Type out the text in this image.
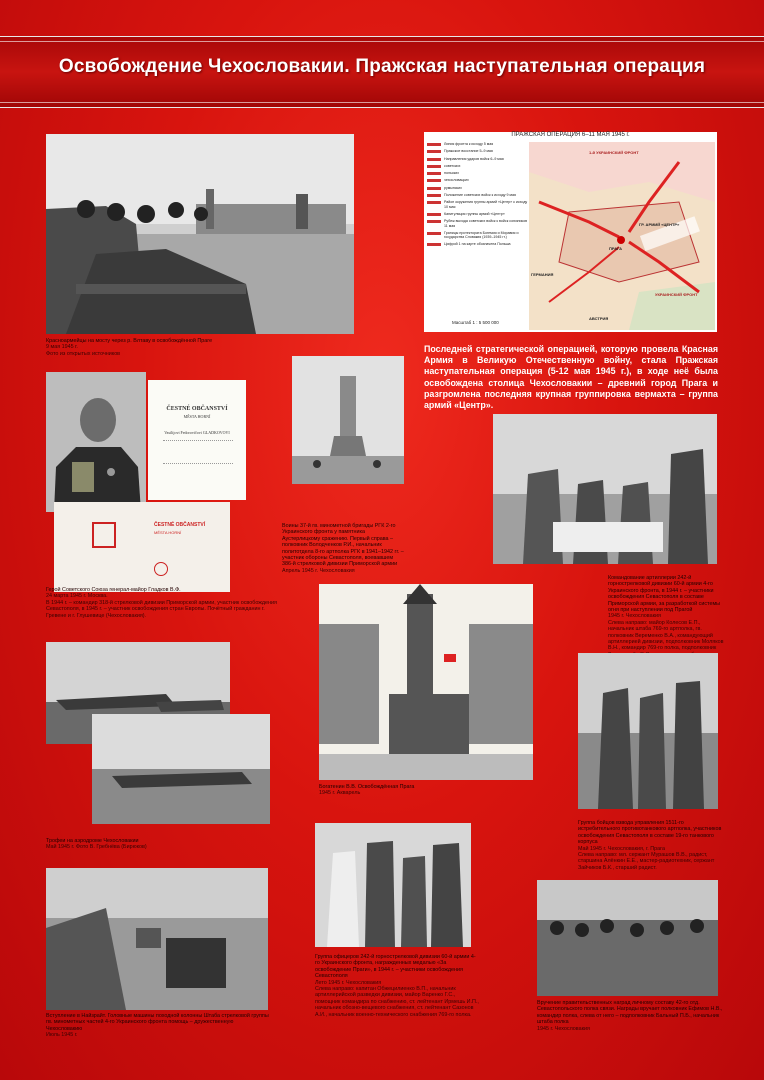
Освобождение Чехословакии. Пражская наступательная операция
Красноармейцы на мосту через р. Влтаву в освобождённой Праге
9 мая 1945 г.
Фото из открытых источников
ПРАЖСКАЯ ОПЕРАЦИЯ 6–11 МАЯ 1945 г.
Линия фронта к исходу 5 мая
Пражское восстание 5–9 мая
Направления ударов войск 6–9 мая
советских
польских
чехословацких
румынских
Положение советских войск к исходу 9 мая
Район окружения группы армий «Центр» к исходу 10 мая
Капитуляция группы армий «Центр»
Рубеж выхода советских войск к войск союзников 11 мая
Границы протектората Богемия и Моравия и государства Словакия (1939–1945 гг.)
Цифрой 1 на карте обозначена Польша
Масштаб 1 : 5 500 000
1-й УКРАИНСКИЙ ФРОНТ
ПРАГА
ГР. АРМИЙ «ЦЕНТР»
УКРАИНСКИЙ ФРОНТ
ГЕРМАНИЯ
АВСТРИЯ
Последней стратегической операцией, которую провела Красная Армия в Великую Отечественную войну, стала Пражская наступательная операция (5-12 мая 1945 г.), в ходе неё была освобождена столица Чехословакии – древний город Прага и разгромлена последняя крупная группировка вермахта – группа армий «Центр».
ČESTNÉ OBČANSTVÍ
MĚSTA HORNÍ
Vasilijovi Fedorovičovi GLADKOVOVI
ČESTNÉ OBČANSTVÍ
MĚSTA HORNÍ
Герой Советского Союза генерал-майор Гладков В.Ф.
24 марта 1945 г. Москва.
В 1944 г. – командир 318-й стрелковой дивизии Приморской армии, участник освобождения Севастополя, в 1945 г. – участник освобождения стран Европы. Почётный гражданин г. Гревене и г. Глушевице (Чехословакия).
Воины 37-й гв. минометной бригады РГК 2-го Украинского фронта у памятника Аустерлицкому сражению. Первый справа – полковник Володченков Р.И., начальник политотдела 8-го артполка РГК в 1941–1942 гг. – участник обороны Севастополя, воевавшем 386-й стрелковой дивизии Приморской армии
Апрель 1945 г. Чехословакия
Командование артиллерии 242-й горнострелковой дивизии 60-й армии 4-го Украинского фронта, в 1944 г. – участники освобождения Севастополя в составе Приморской армии, за разработкой системы огня при наступлении под Прагой
1945 г. Чехословакия
Слева направо: майор Колесов Е.П., начальник штаба 769-го артполка, гв. полковник Веременко В.А., командующий артиллерией дивизии, подполковник Моляков В.Н., командир 769-го полка, подполковник
Трофеи на аэродроме Чехословакии
Май 1945 г. Фото В. Гребнёва (Бирюков)
Богатенин В.В. Освобождённая Прага
1945 г. Акварель
Группа бойцов взвода управления 1511-го истребительного противотанкового артполка, участников освобождения Севастополя в составе 19-го танкового корпуса
Май 1945 г. Чехословакия, г. Прага
Слева направо: мл. сержант Мурашов В.В., радист, старшина Алёнкин Е.Е., мастер-радиотехник, сержант Зайчиков Б.К., старший радист.
Вступление в Найзрайт. Головные машины походной колонны Штаба стрелковой группы гв. минометных частей 4-го Украинского фронта помощь – дружественную Чехословакию
Июль 1945 г.
Группа офицеров 242-й горнострелковой дивизии 60-й армии 4-го Украинского фронта, награжденных медалью «За освобождение Праги», в 1944 г. – участники освобождения Севастополя
Лето 1945 г. Чехословакия
Слева направо: капитан Обжецилиенко В.П., начальник артиллерийской разведки дивизии, майор Варенко Г.С., помощник командира по снабжению, ст. лейтенант Ирмешь И.П., начальник обозно-вещевого снабжения, ст. лейтенант Сазонов А.И., начальник военно-технического снабжения 769-го полка.
Вручение правительственных наград личному составу 42-го отд. Севастопольского полка связи. Награды вручает полковник Ефимов Н.В., командир полка, слева от него – подполковник Бальный П.Б., начальник штаба полка
1945 г. Чехословакия
